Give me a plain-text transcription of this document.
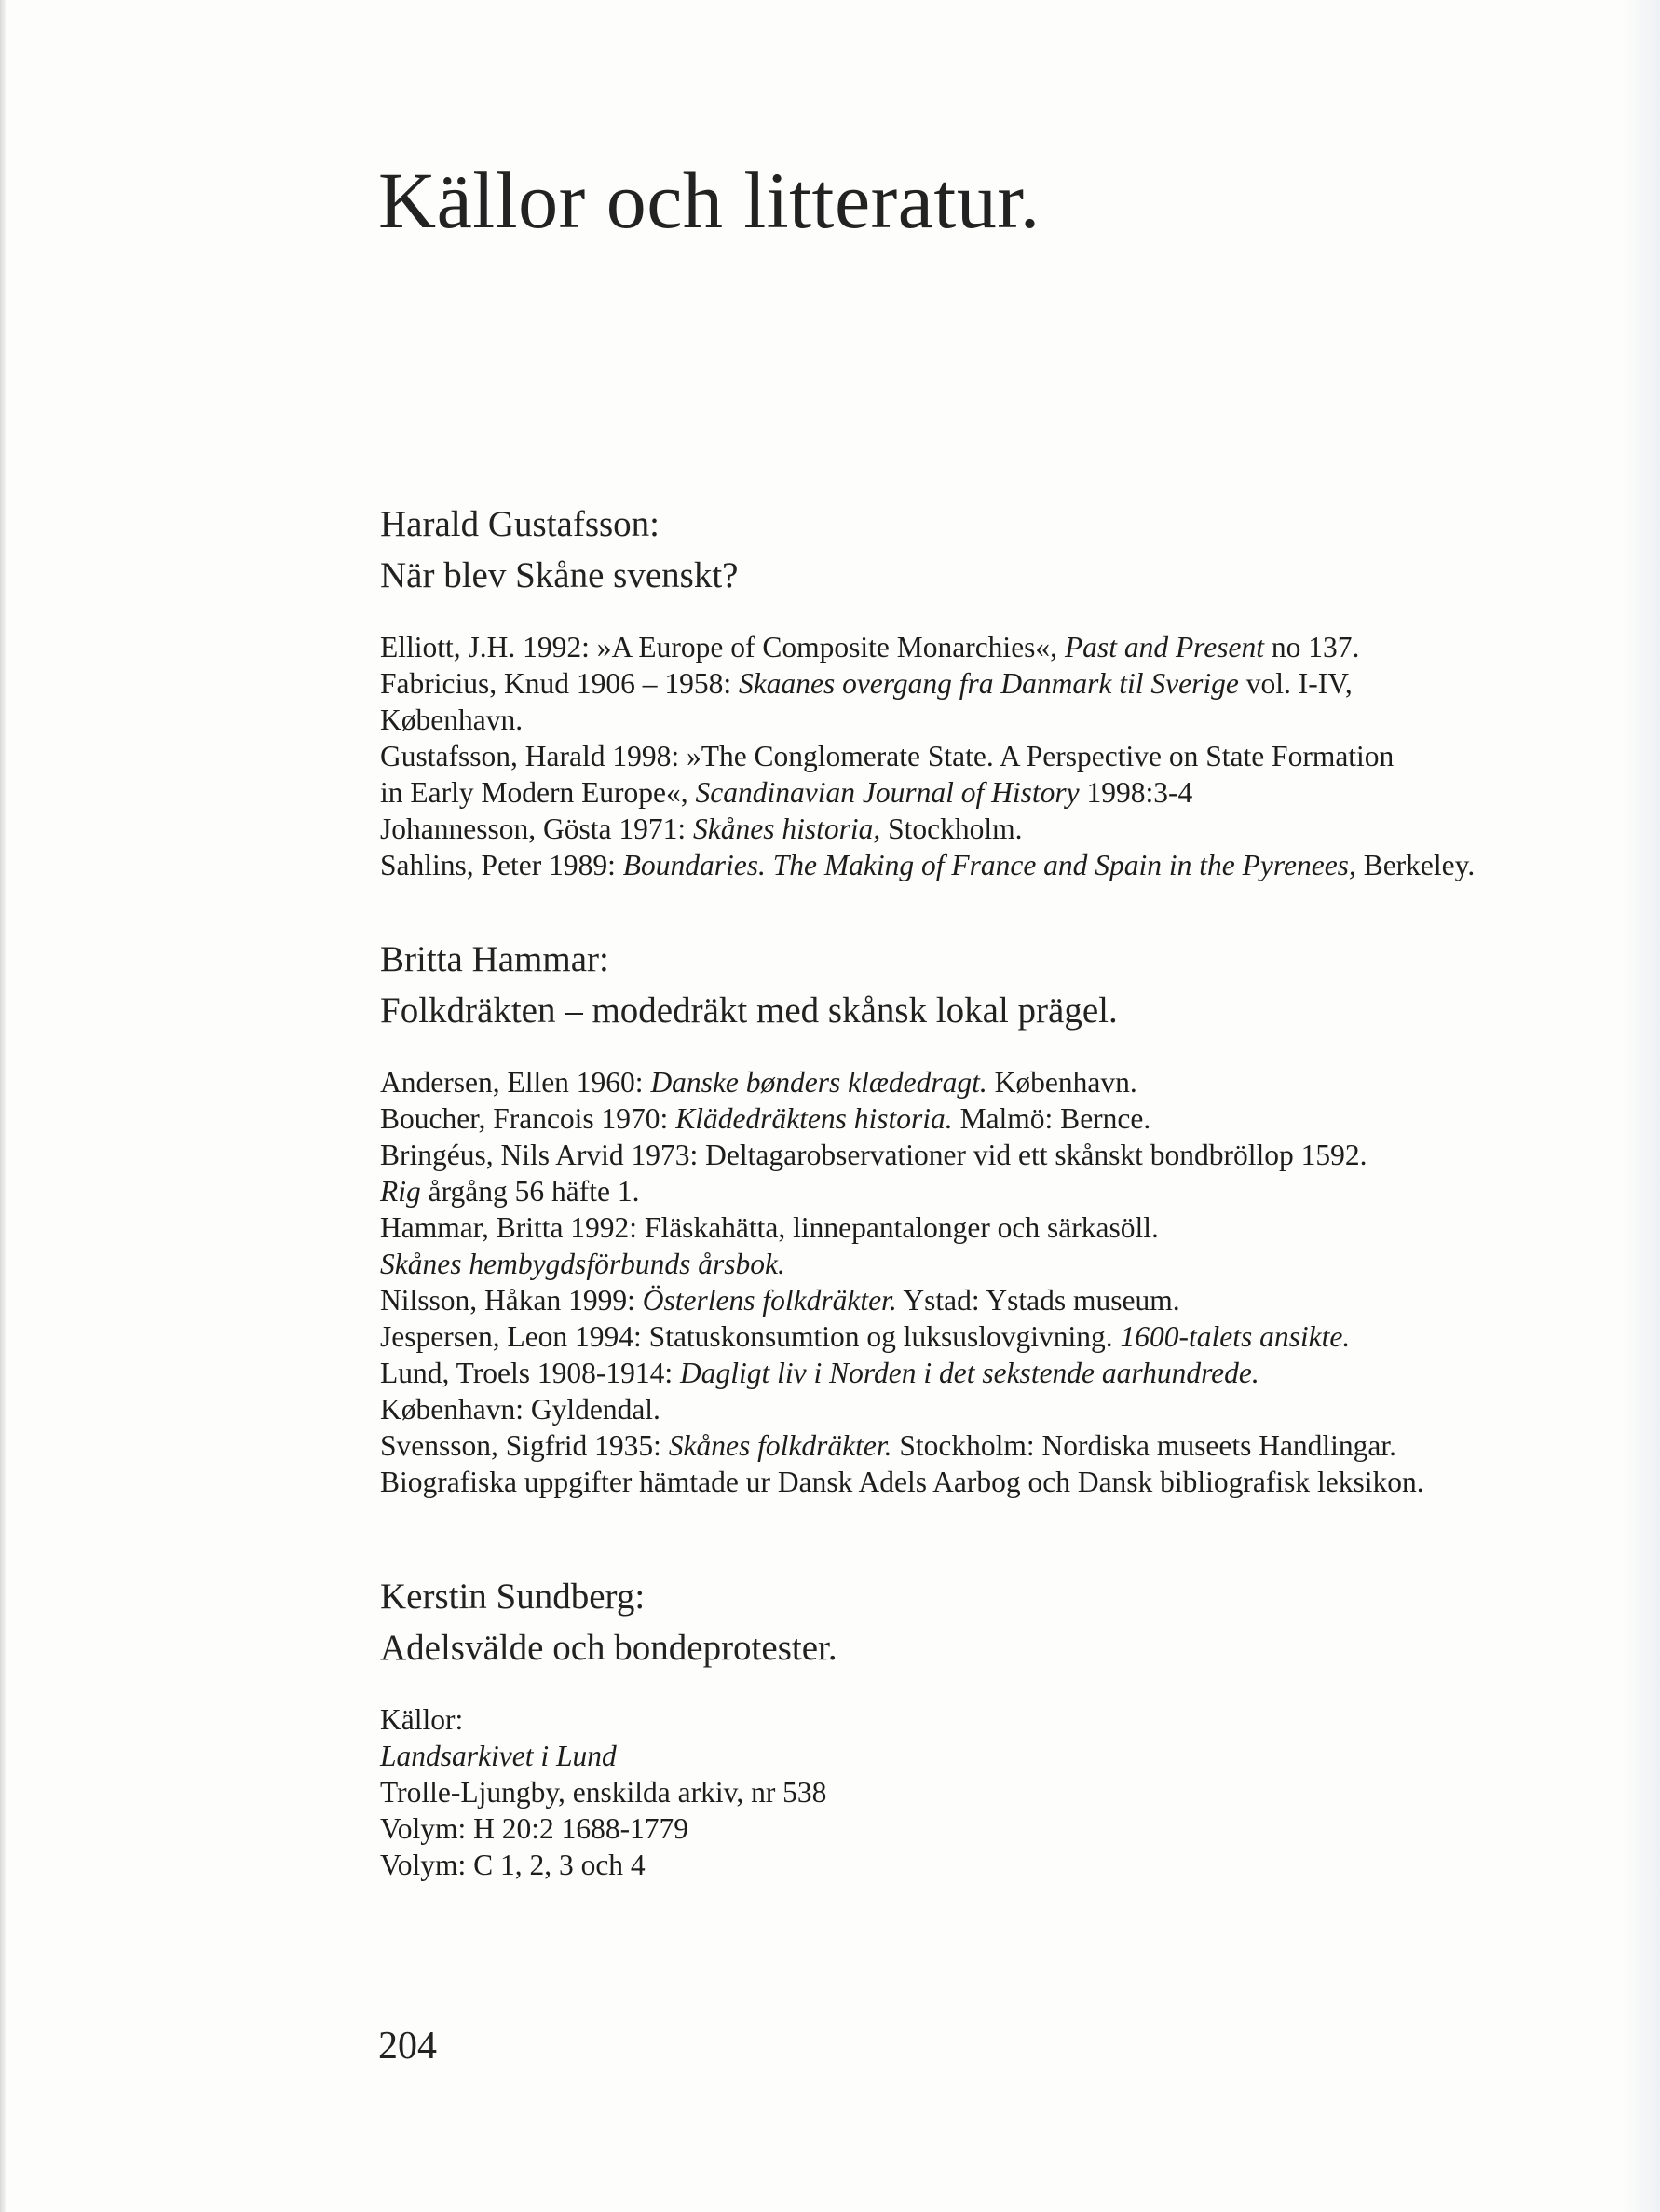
Källor och litteratur.
Harald Gustafsson:
När blev Skåne svenskt?
Elliott, J.H. 1992: »A Europe of Composite Monarchies«, Past and Present no 137.
Fabricius, Knud 1906 – 1958: Skaanes overgang fra Danmark til Sverige vol. I-IV,
København.
Gustafsson, Harald 1998: »The Conglomerate State. A Perspective on State Formation
in Early Modern Europe«, Scandinavian Journal of History 1998:3-4
Johannesson, Gösta 1971: Skånes historia, Stockholm.
Sahlins, Peter 1989: Boundaries. The Making of France and Spain in the Pyrenees, Berkeley.
Britta Hammar:
Folkdräkten – modedräkt med skånsk lokal prägel.
Andersen, Ellen 1960: Danske bønders klædedragt. København.
Boucher, Francois 1970: Klädedräktens historia. Malmö: Bernce.
Bringéus, Nils Arvid 1973: Deltagarobservationer vid ett skånskt bondbröllop 1592.
Rig årgång 56 häfte 1.
Hammar, Britta 1992: Fläskahätta, linnepantalonger och särkasöll.
Skånes hembygdsförbunds årsbok.
Nilsson, Håkan 1999: Österlens folkdräkter. Ystad: Ystads museum.
Jespersen, Leon 1994: Statuskonsumtion og luksuslovgivning. 1600-talets ansikte.
Lund, Troels 1908-1914: Dagligt liv i Norden i det sekstende aarhundrede.
København: Gyldendal.
Svensson, Sigfrid 1935: Skånes folkdräkter. Stockholm: Nordiska museets Handlingar.
Biografiska uppgifter hämtade ur Dansk Adels Aarbog och Dansk bibliografisk leksikon.
Kerstin Sundberg:
Adelsvälde och bondeprotester.
Källor:
Landsarkivet i Lund
Trolle-Ljungby, enskilda arkiv, nr 538
Volym: H 20:2 1688-1779
Volym: C 1, 2, 3 och 4
204
